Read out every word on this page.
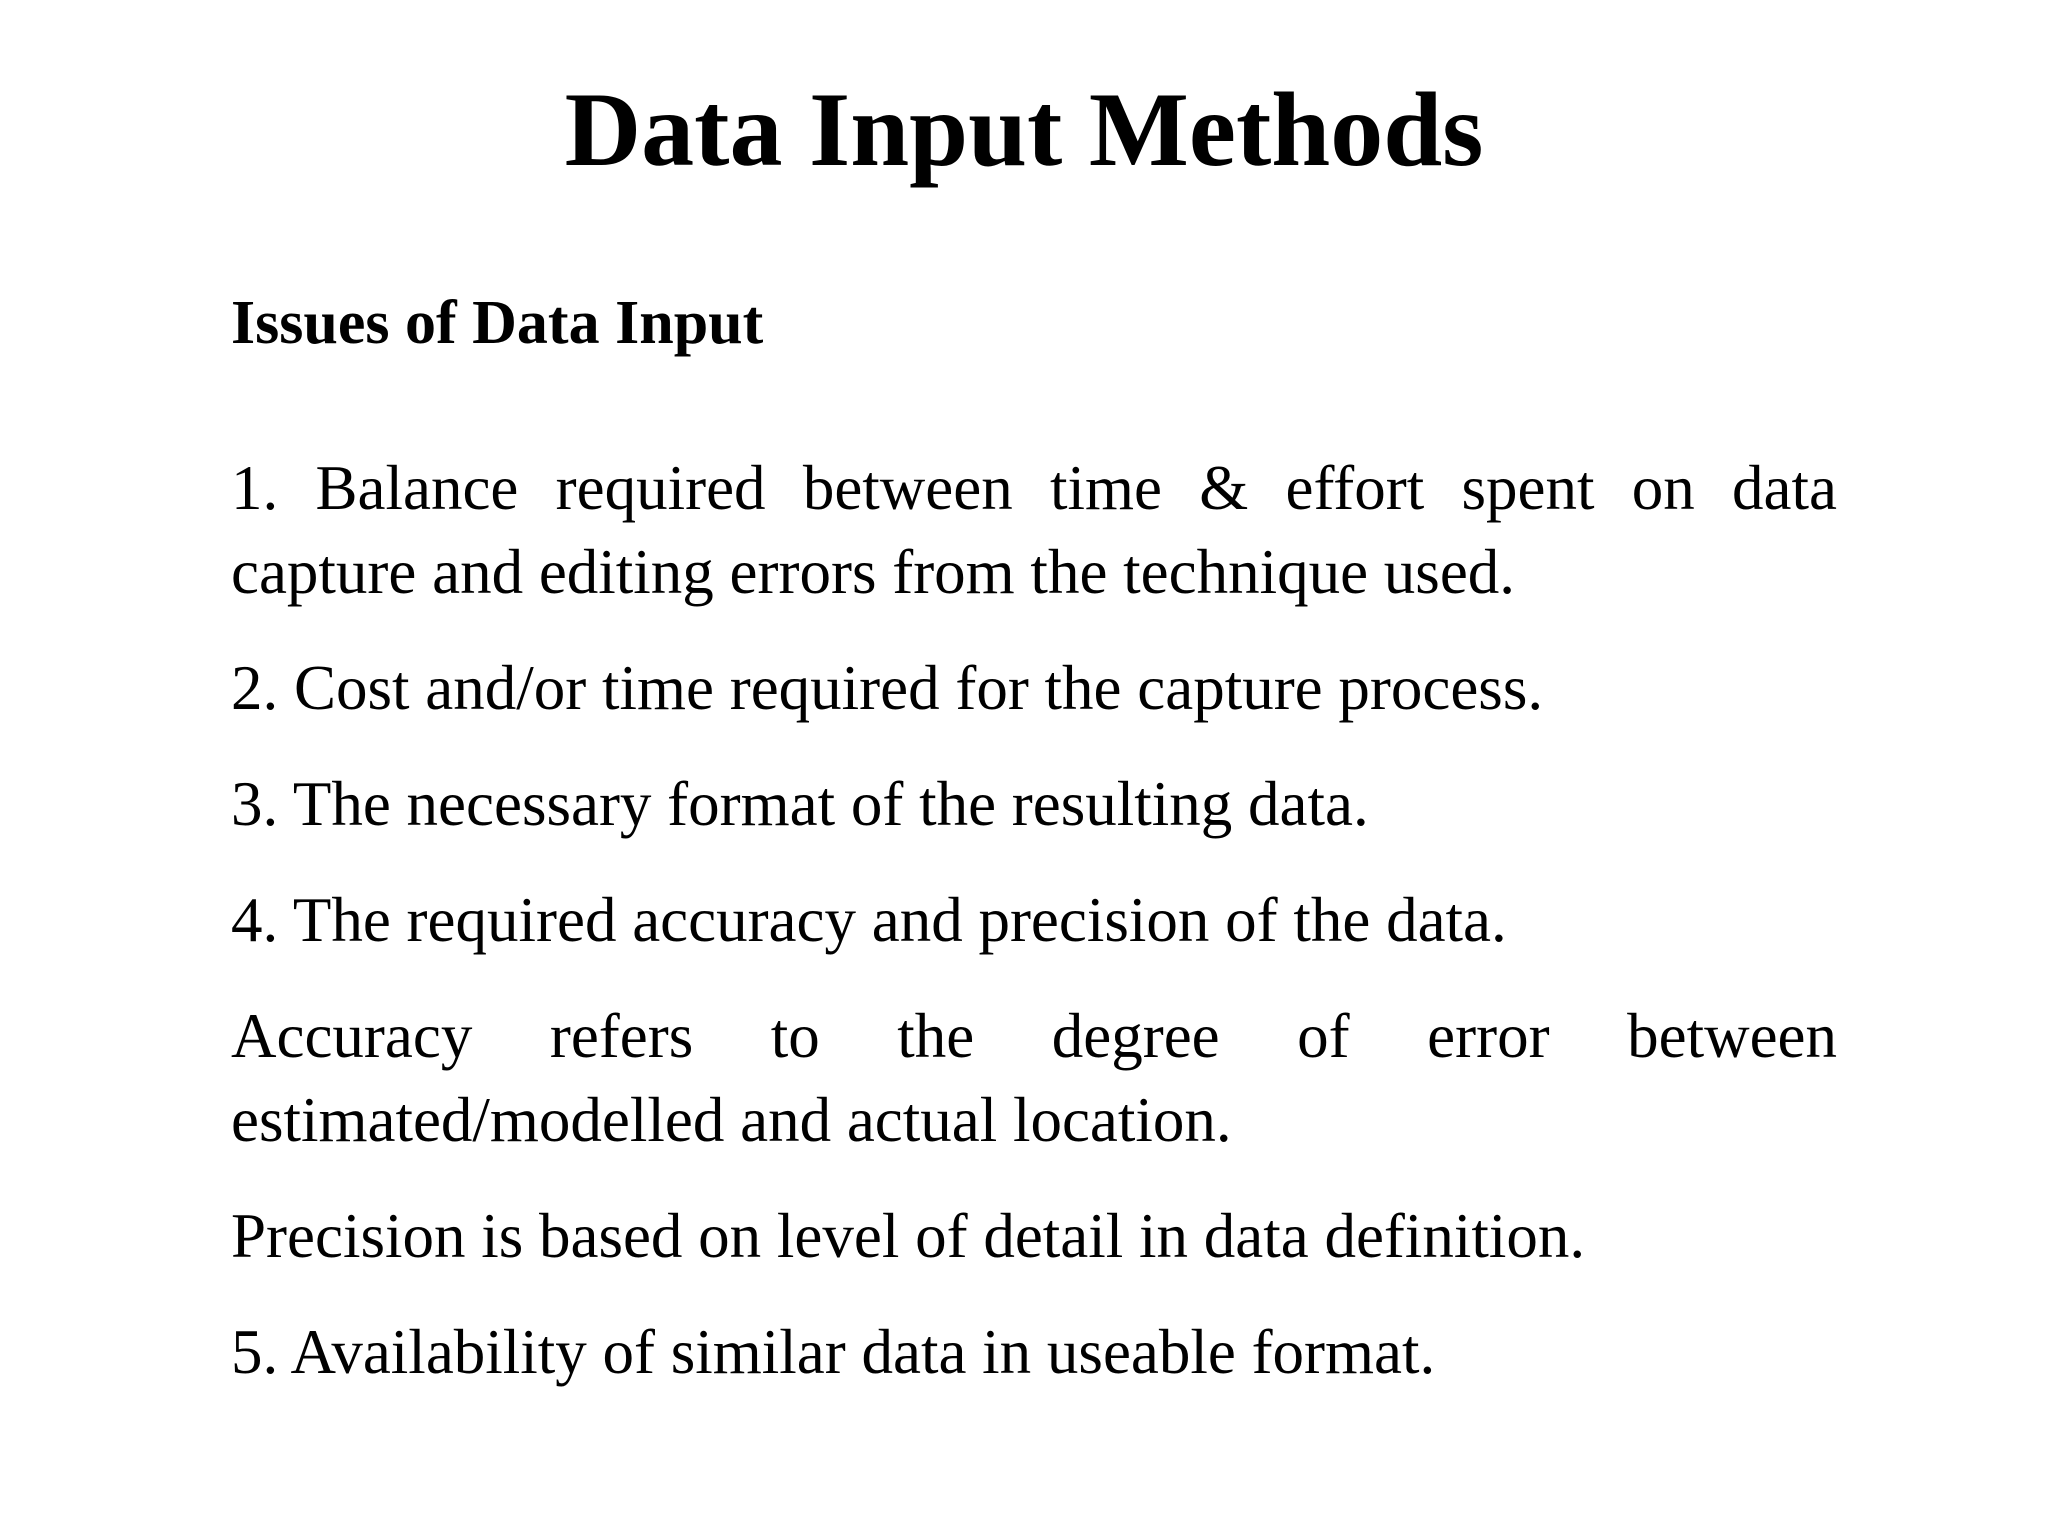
Data Input Methods
Issues of Data Input

1. Balance required between time & effort spent on data capture and editing errors from the technique used.

2. Cost and/or time required for the capture process.

3. The necessary format of the resulting data.

4. The required accuracy and precision of the data.

Accuracy refers to the degree of error between estimated/modelled and actual location.

Precision is based on level of detail in data definition.

5. Availability of similar data in useable format.
